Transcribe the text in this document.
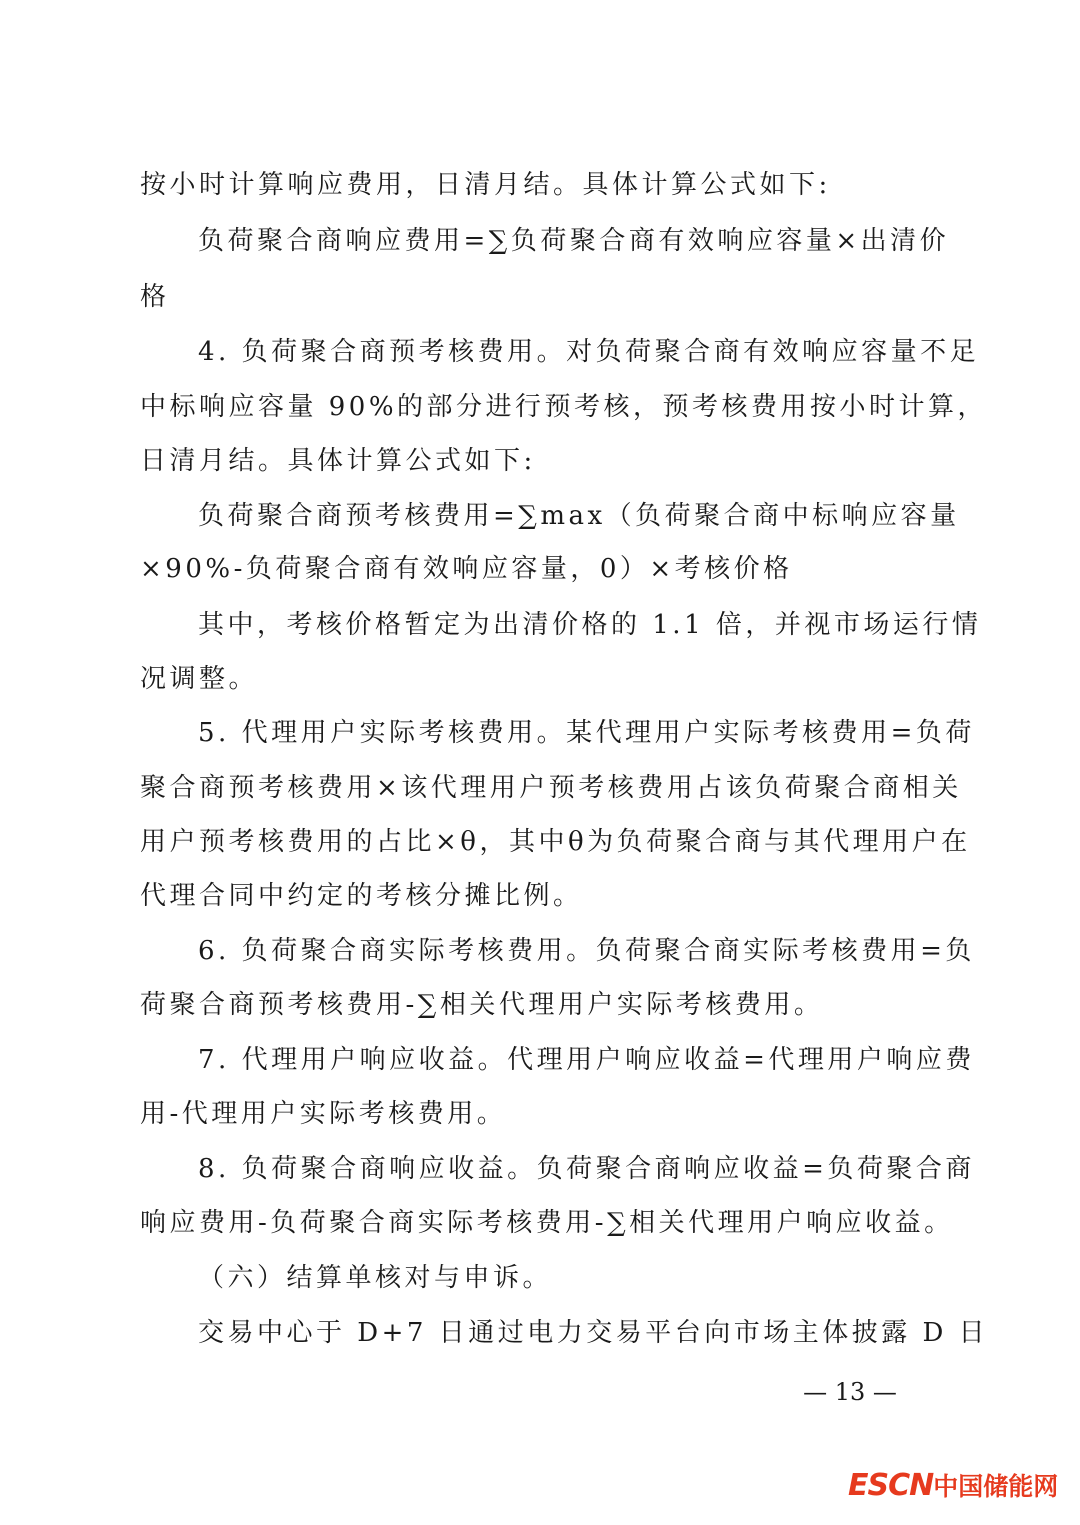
按小时计算响应费用，日清月结。具体计算公式如下:
负荷聚合商响应费用=∑负荷聚合商有效响应容量×出清价
格
4. 负荷聚合商预考核费用。对负荷聚合商有效响应容量不足
中标响应容量 90%的部分进行预考核，预考核费用按小时计算，
日清月结。具体计算公式如下:
负荷聚合商预考核费用=∑max（负荷聚合商中标响应容量
×90%-负荷聚合商有效响应容量，0）×考核价格
其中，考核价格暂定为出清价格的 1.1 倍，并视市场运行情
况调整。
5. 代理用户实际考核费用。某代理用户实际考核费用=负荷
聚合商预考核费用×该代理用户预考核费用占该负荷聚合商相关
用户预考核费用的占比×θ，其中θ为负荷聚合商与其代理用户在
代理合同中约定的考核分摊比例。
6. 负荷聚合商实际考核费用。负荷聚合商实际考核费用=负
荷聚合商预考核费用-∑相关代理用户实际考核费用。
7. 代理用户响应收益。代理用户响应收益=代理用户响应费
用-代理用户实际考核费用。
8. 负荷聚合商响应收益。负荷聚合商响应收益=负荷聚合商
响应费用-负荷聚合商实际考核费用-∑相关代理用户响应收益。
（六）结算单核对与申诉。
交易中心于 D+7 日通过电力交易平台向市场主体披露 D 日
— 13 —
ESCN中国储能网
